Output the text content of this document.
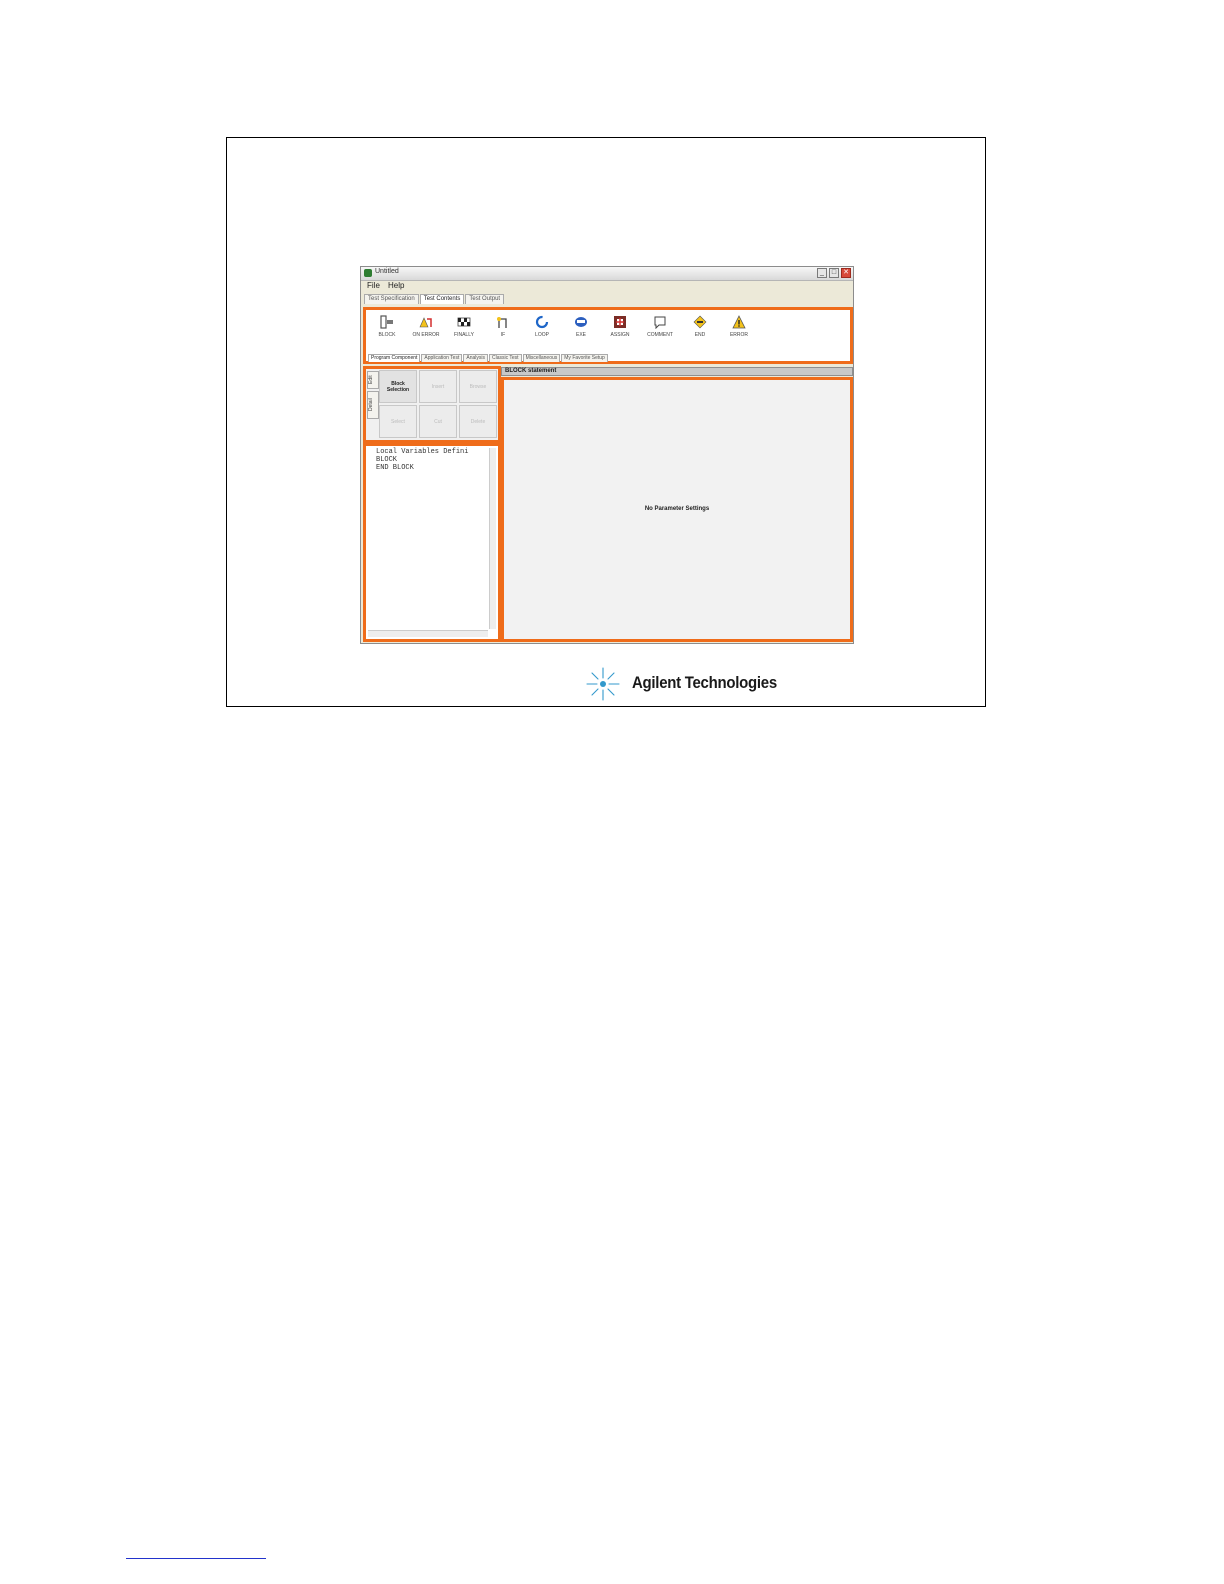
Untitled	_	□ ✕
File Help
Test Specification	Test Contents	Test Output
BLOCK	ON ERROR	FINALLY	IF	LOOP	EXE	ASSIGN	COMMENT	END	ERROR
Program Component	Application Test	Analysis	Classic Test	Miscellaneous	My Favorite Setup
Edit
Detail
Block Selection	Insert	Browse
Select	Cut	Delete
Local Variables Defini
BLOCK
END BLOCK
BLOCK statement
No Parameter Settings
Agilent Technologies
